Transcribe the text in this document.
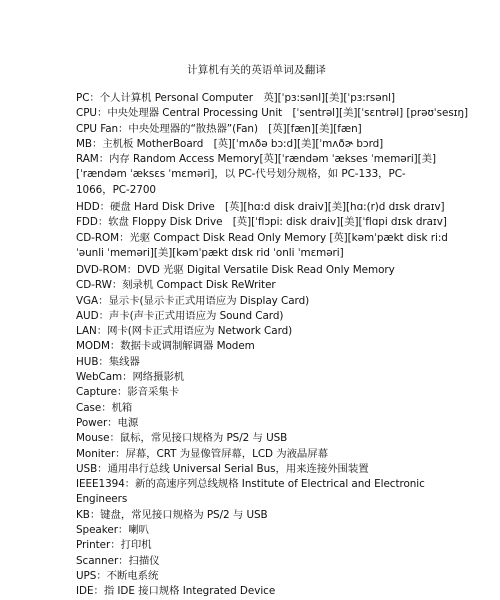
计算机有关的英语单词及翻译
PC：个人计算机 Personal Computer　英][ˈpɜ:sənl][美][ˈpɜ:rsənl]
CPU：中央处理器 Central Processing Unit　[ˈsentrəl][美][ˈsɛntrəl] [prəʊˈsesɪŋ]
CPU Fan：中央处理器的“散热器”(Fan)　[英][fæn][美][fæn]
MB：主机板 MotherBoard　[英][ˈmʌðə bɔ:d][美][ˈmʌðɚ bɔrd]
RAM：内存 Random Access Memory[英][ˈrændəm ˈækses ˈmeməri][美]
[ˈrændəm ˈæksɛs ˈmɛməri]，以 PC-代号划分规格，如 PC-133，PC-
1066，PC-2700
HDD：硬盘 Hard Disk Drive　[英][hɑ:d disk draiv][美][hɑ:(r)d dɪsk draɪv]
FDD：软盘 Floppy Disk Drive　[英][ˈflɔpi: disk draiv][美][ˈflɑpi dɪsk draɪv]
CD-ROM：光驱 Compact Disk Read Only Memory [英][kəmˈpækt disk ri:d
ˈəunli ˈmeməri][美][kəmˈpækt dɪsk rid ˈonli ˈmɛməri]
DVD-ROM：DVD 光驱 Digital Versatile Disk Read Only Memory
CD-RW：刻录机 Compact Disk ReWriter
VGA：显示卡(显示卡正式用语应为 Display Card)
AUD：声卡(声卡正式用语应为 Sound Card)
LAN：网卡(网卡正式用语应为 Network Card)
MODM：数据卡或调制解调器 Modem
HUB：集线器
WebCam：网络摄影机
Capture：影音采集卡
Case：机箱
Power：电源
Mouse：鼠标，常见接口规格为 PS/2 与 USB
Moniter：屏幕，CRT 为显像管屏幕，LCD 为液晶屏幕
USB：通用串行总线 Universal Serial Bus，用来连接外围装置
IEEE1394：新的高速序列总线规格 Institute of Electrical and Electronic
Engineers
KB：键盘，常见接口规格为 PS/2 与 USB
Speaker：喇叭
Printer：打印机
Scanner：扫描仪
UPS：不断电系统
IDE：指 IDE 接口规格 Integrated Device
